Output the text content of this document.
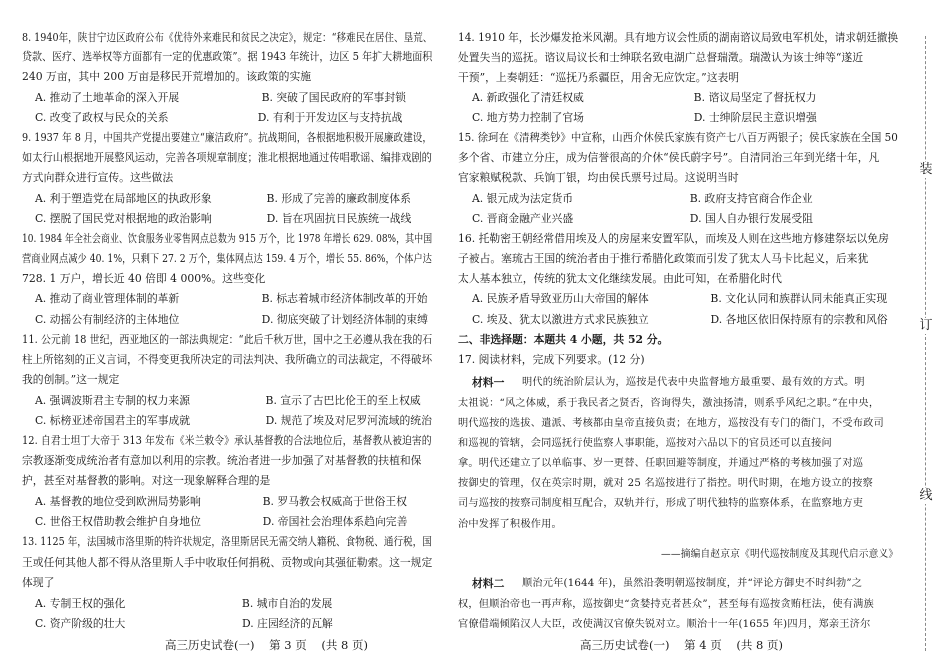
8. 1940年，陕甘宁边区政府公布《优待外来难民和贫民之决定》，规定：“移难民在居住、垦荒、
贷款、医疗、选举权等方面都有一定的优惠政策”。据 1943 年统计，边区 5 年扩大耕地面积
240 万亩，其中 200 万亩是移民开荒增加的。该政策的实施
A. 推动了土地革命的深入开展                        B. 突破了国民政府的军事封锁
C. 改变了政权与民众的关系                          D. 有利于开发边区与支持抗战
9. 1937 年 8 月，中国共产党提出要建立“廉洁政府”。抗战期间，各根据地积极开展廉政建设，
如太行山根据地开展整风运动，完善各项规章制度；淮北根据地通过传唱歌谣、编排戏剧的
方式向群众进行宣传。这些做法
A. 利于塑造党在局部地区的执政形象                B. 形成了完善的廉政制度体系
C. 摆脱了国民党对根据地的政治影响                D. 旨在巩固抗日民族统一战线
10. 1984 年全社会商业、饮食服务业零售网点总数为 915 万个，比 1978 年增长 629. 08%，其中国
营商业网点减少 40. 1%，只剩下 27. 2 万个，集体网点达 159. 4 万个，增长 55. 86%，个体户达
728. 1 万户，增长近 40 倍即 4 000%。这些变化
A. 推动了商业管理体制的革新                        B. 标志着城市经济体制改革的开始
C. 动摇公有制经济的主体地位                        D. 彻底突破了计划经济体制的束缚
11. 公元前 18 世纪，西亚地区的一部法典规定：“此后千秋万世，国中之王必遵从我在我的石
柱上所铭刻的正义言词，不得变更我所决定的司法判决、我所确立的司法裁定，不得破坏
我的创制。”这一规定
A. 强调波斯君主专制的权力来源                      B. 宣示了古巴比伦王的至上权威
C. 标榜亚述帝国君主的军事成就                      D. 规范了埃及对尼罗河流域的统治
12. 自君士坦丁大帝于 313 年发布《米兰敕令》承认基督教的合法地位后，基督教从被迫害的
宗教逐渐变成统治者有意加以利用的宗教。统治者进一步加强了对基督教的扶植和保
护，甚至对基督教的影响。对这一现象解释合理的是
A. 基督教的地位受到欧洲局势影响                  B. 罗马教会权威高于世俗王权
C. 世俗王权借助教会维护自身地位                  D. 帝国社会治理体系趋向完善
13. 1125 年，法国城市洛里斯的特许状规定，洛里斯居民无需交纳人籍税、食物税、通行税，国
王或任何其他人都不得从洛里斯人手中收取任何捐税、贡物或向其强征勒索。这一规定
体现了
A. 专制王权的强化                                  B. 城市自治的发展
C. 资产阶级的壮大                                  D. 庄园经济的瓦解
14. 1910 年，长沙爆发抢米风潮。具有地方议会性质的湖南谘议局致电军机处，请求朝廷撤换
处置失当的巡抚。谘议局议长和士绅联名致电湖广总督瑞澂。瑞澂认为该士绅等“遂近
干预”，上奏朝廷：“巡抚乃系疆臣，用舍无应饮定。”这表明
A. 新政强化了清廷权威                                B. 谘议局坚定了督抚权力
C. 地方势力控制了官场                                D. 士绅阶层民主意识增强
15. 徐珂在《清稗类钞》中宣称，山西介休侯氏家族有资产七八百万两银子；侯氏家族在全国 50
多个省、市建立分庄，成为信誉很高的介休“侯氏蔚字号”。自清同治三年到光绪十年，凡
官家粮赋税款、兵饷丁银，均由侯氏票号过局。这说明当时
A. 银元成为法定货币                                  B. 政府支持官商合作企业
C. 晋商金融产业兴盛                                  D. 国人自办银行发展受阻
16. 托勒密王朝经常借用埃及人的房屋来安置军队，而埃及人则在这些地方修建祭坛以免房
子被占。塞琉古王国的统治者由于推行希腊化政策而引发了犹太人马卡比起义，后来犹
太人基本独立，传统的犹太文化继续发展。由此可知，在希腊化时代
A. 民族矛盾导致亚历山大帝国的解体                  B. 文化认同和族群认同未能真正实现
C. 埃及、犹太以激进方式求民族独立                  D. 各地区依旧保持原有的宗教和风俗
二、非选择题：本题共 4 小题，共 52 分。
17. 阅读材料，完成下列要求。(12 分)
材料一 明代的统治阶层认为，巡按是代表中央监督地方最重要、最有效的方式。明
太祖说：“风之体威，系于我民者之贤否，咨询得失，激浊扬清，则系乎风纪之职。”在中央，
明代巡按的选拔、遣派、考核都由皇帝直接负责；在地方，巡按没有专门的衙门，不受布政司
和巡视的管辖，会同巡抚行使监察人事职能，巡按对六品以下的官员还可以直接问
拿。明代还建立了以单临事、岁一更替、任职回避等制度，并通过严格的考核加强了对巡
按御史的管理，仅在英宗时期，就对 25 名巡按进行了指控。明代时期，在地方设立的按察
司与巡按的按察司制度相互配合，双轨并行，形成了明代独特的监察体系，在监察地方吏
治中发挥了积极作用。
——摘编自赵京京《明代巡按制度及其现代启示意义》
材料二 顺治元年(1644 年)，虽然沿袭明朝巡按制度，并“评论方御史不时纠勃”之
权，但顺治帝也一再声称，巡按御史“贪婪持克者甚众”，甚至每有巡按贪贿枉法，使有满族
官僚借端倾陷汉人大臣，改使满汉官僚失锐对立。顺治十一年(1655 年)四月，郑亲王济尔
高三历史试卷(一)    第 3 页    (共 8 页)	高三历史试卷(一)    第 4 页    (共 8 页)
装
订
线
